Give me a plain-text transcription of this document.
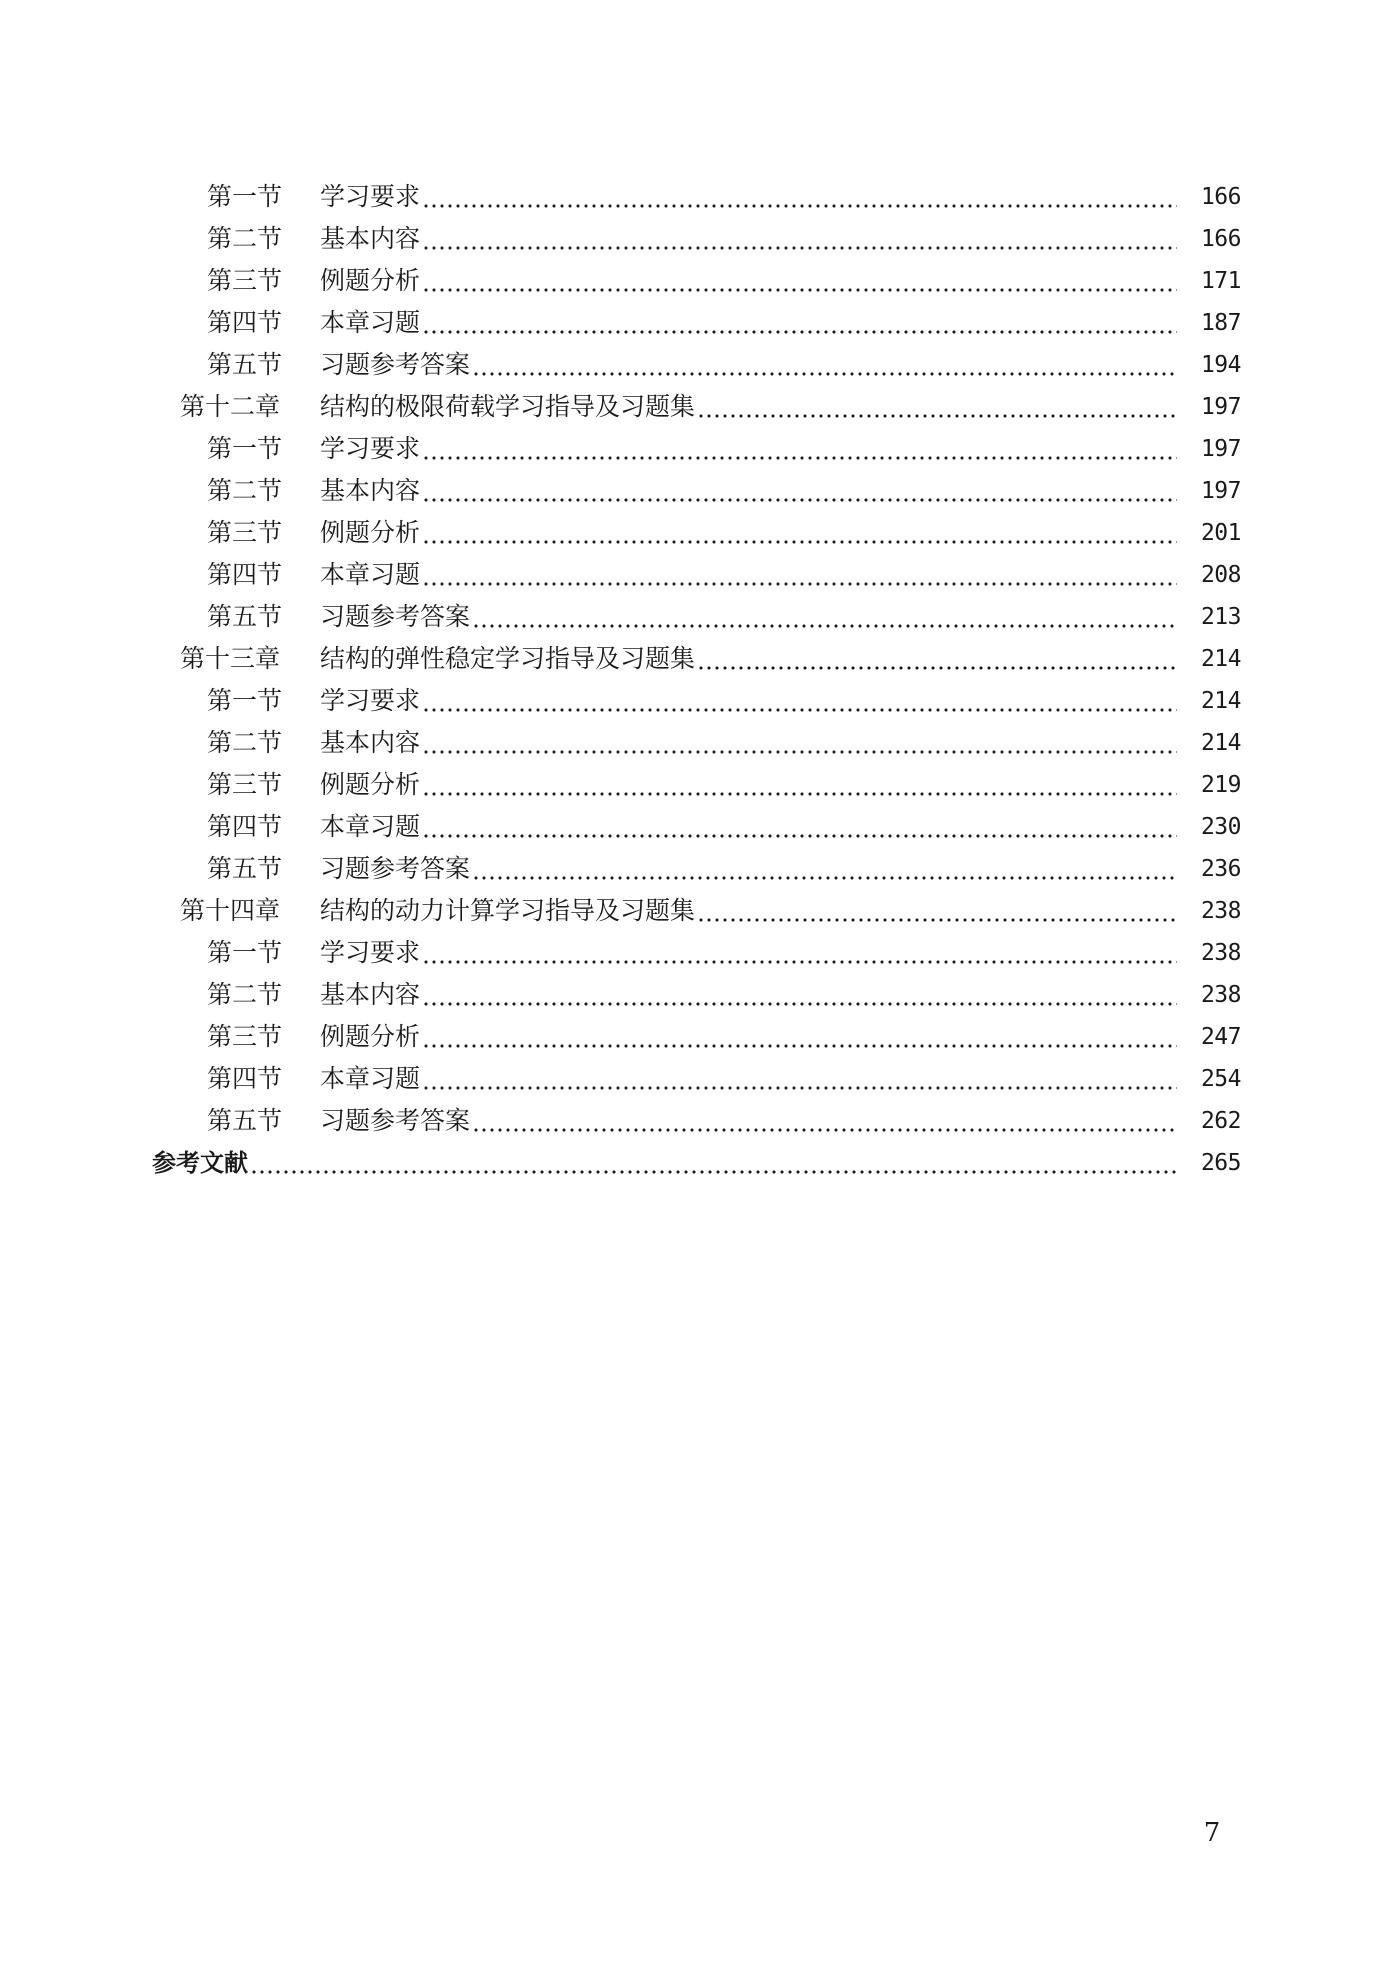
第一节	学习要求	166
第二节	基本内容	166
第三节	例题分析	171
第四节	本章习题	187
第五节	习题参考答案	194
第十二章	结构的极限荷载学习指导及习题集	197
第一节	学习要求	197
第二节	基本内容	197
第三节	例题分析	201
第四节	本章习题	208
第五节	习题参考答案	213
第十三章	结构的弹性稳定学习指导及习题集	214
第一节	学习要求	214
第二节	基本内容	214
第三节	例题分析	219
第四节	本章习题	230
第五节	习题参考答案	236
第十四章	结构的动力计算学习指导及习题集	238
第一节	学习要求	238
第二节	基本内容	238
第三节	例题分析	247
第四节	本章习题	254
第五节	习题参考答案	262
参考文献	265
7
